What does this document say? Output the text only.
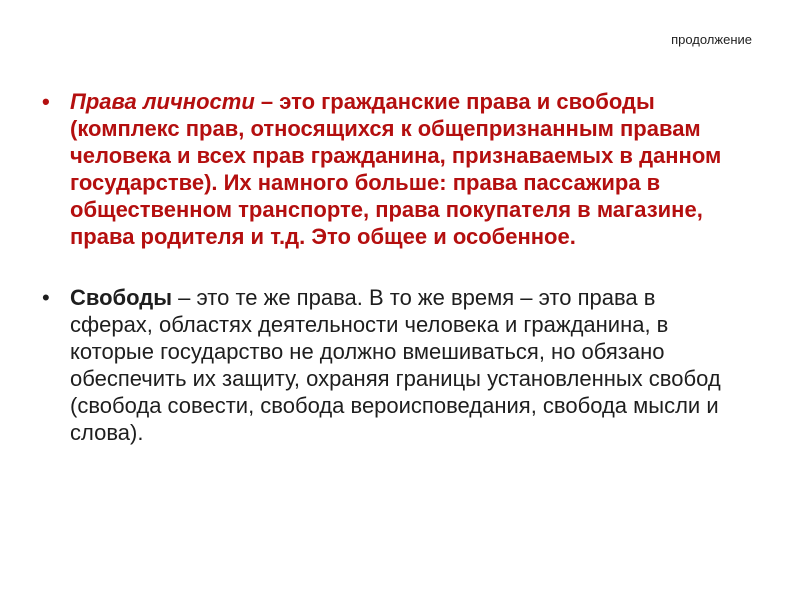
продолжение
• Права личности – это гражданские права и свободы (комплекс прав, относящихся к общепризнанным правам человека и всех прав гражданина, признаваемых в данном государстве). Их намного больше: права пассажира в общественном транспорте, права покупателя в магазине, права родителя и т.д. Это общее и особенное.
• Свободы – это те же права. В то же время – это права в сферах, областях деятельности человека и гражданина, в которые государство не должно вмешиваться, но обязано обеспечить их защиту, охраняя границы установленных свобод (свобода совести, свобода вероисповедания, свобода мысли и слова).
